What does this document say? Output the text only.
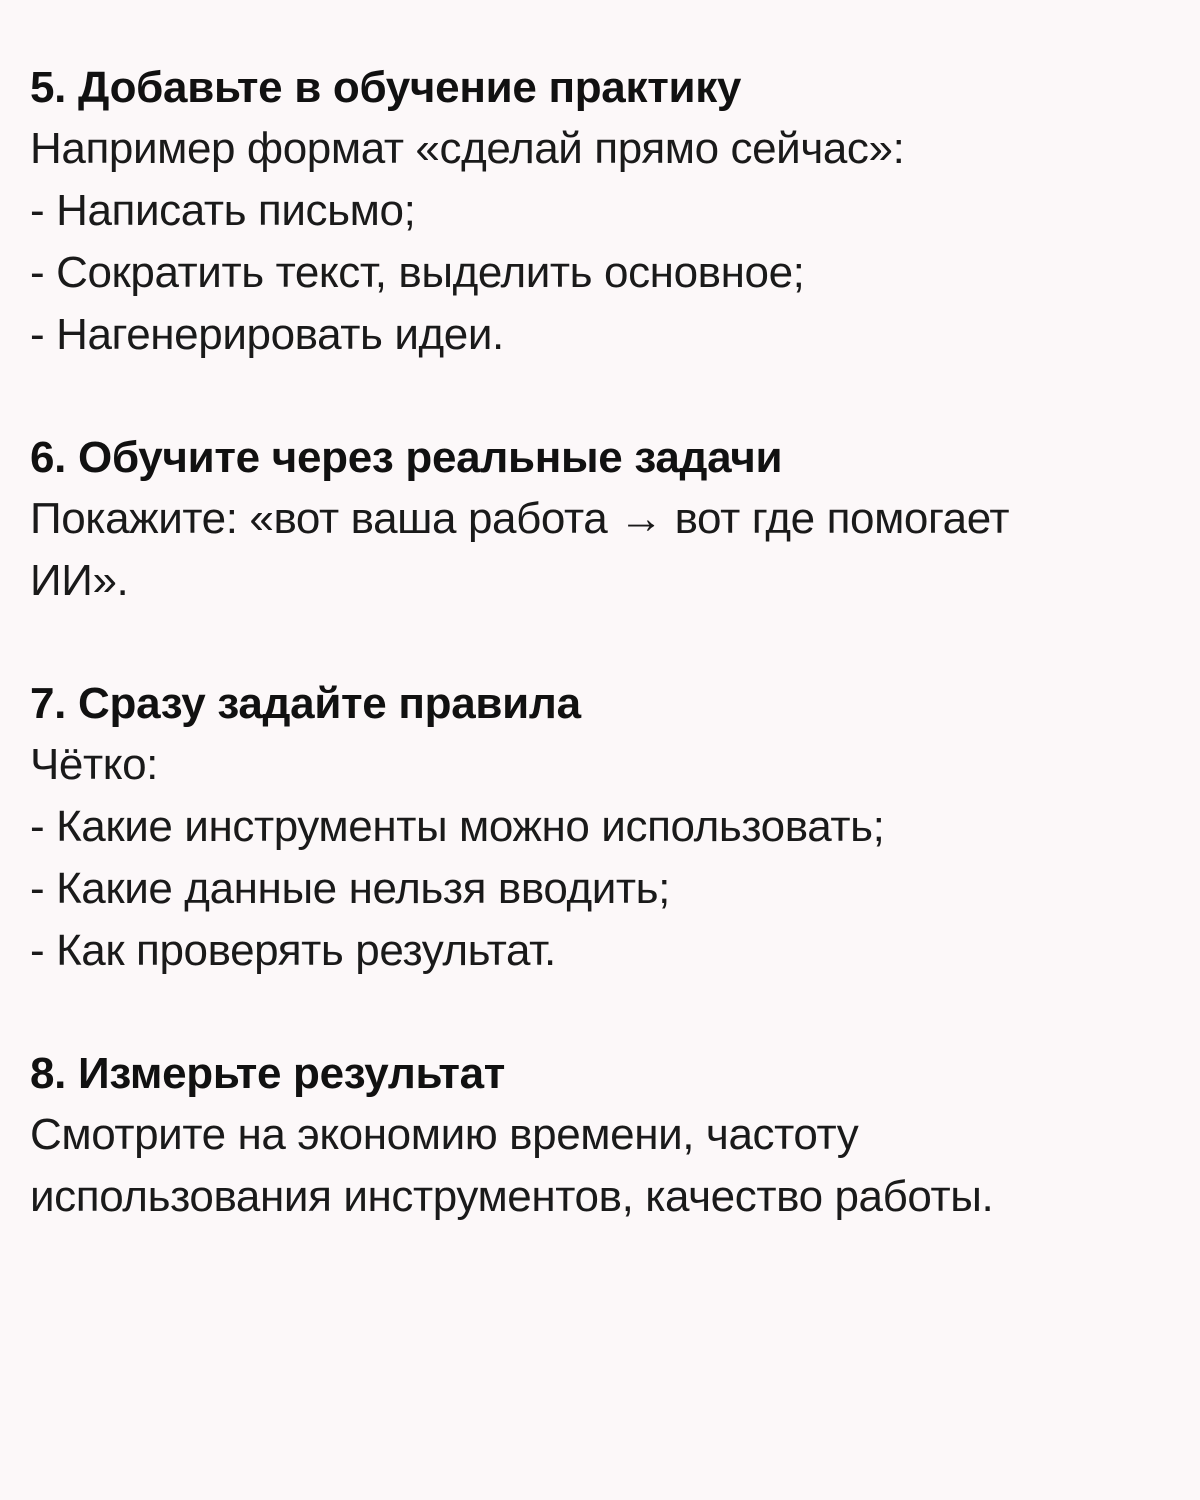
5. Добавьте в обучение практику
Например формат «сделай прямо сейчас»:
- Написать письмо;
- Сократить текст, выделить основное;
- Нагенерировать идеи.
6. Обучите через реальные задачи
Покажите: «вот ваша работа → вот где помогает
ИИ».
7. Сразу задайте правила
Чётко:
- Какие инструменты можно использовать;
- Какие данные нельзя вводить;
- Как проверять результат.
8. Измерьте результат
Смотрите на экономию времени, частоту
использования инструментов, качество работы.
